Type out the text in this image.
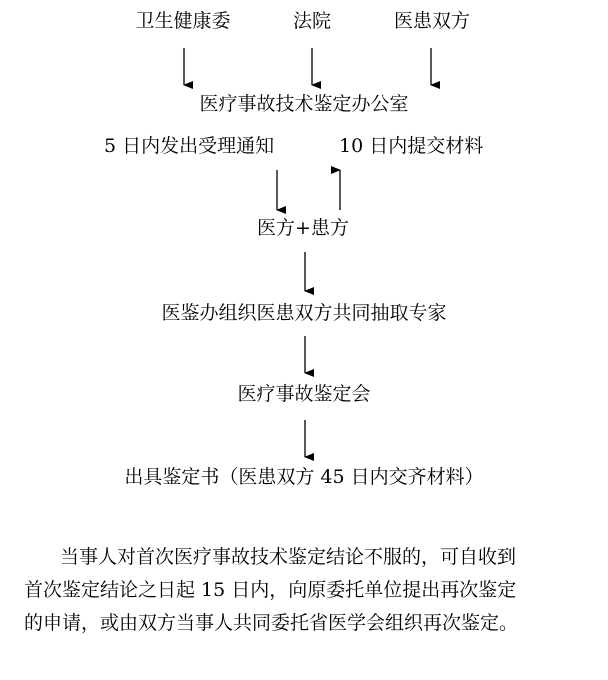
卫生健康委	法院	医患双方
医疗事故技术鉴定办公室
5 日内发出受理通知	10 日内提交材料
医方+患方
医鉴办组织医患双方共同抽取专家
医疗事故鉴定会
出具鉴定书（医患双方 45 日内交齐材料）
当事人对首次医疗事故技术鉴定结论不服的，可自收到
首次鉴定结论之日起 15 日内，向原委托单位提出再次鉴定
的申请，或由双方当事人共同委托省医学会组织再次鉴定。
